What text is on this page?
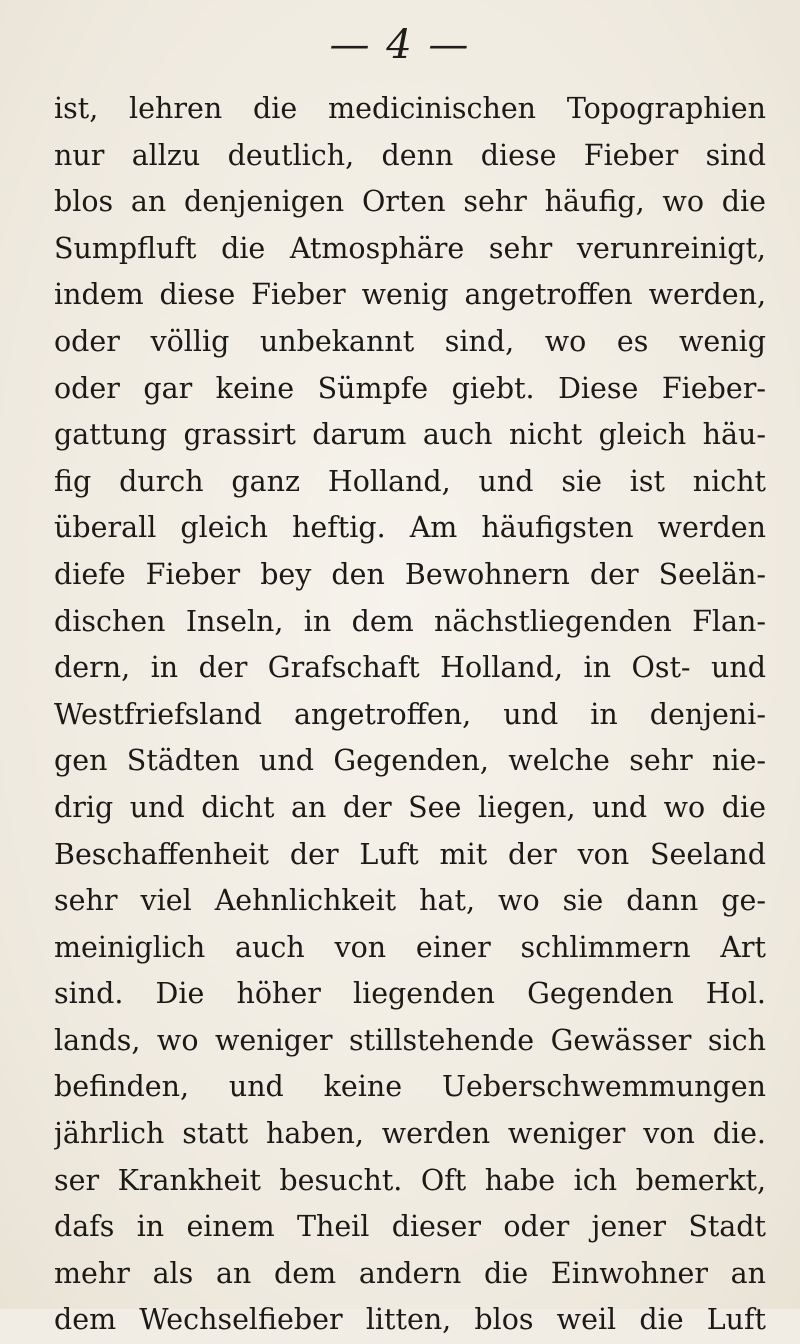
— 4 —
ist, lehren die medicinischen Topographien
nur allzu deutlich, denn diese Fieber sind
blos an denjenigen Orten sehr häufig, wo die
Sumpfluft die Atmosphäre sehr verunreinigt,
indem diese Fieber wenig angetroffen werden,
oder völlig unbekannt sind, wo es wenig
oder gar keine Sümpfe giebt. Diese Fieber-
gattung grassirt darum auch nicht gleich häu-
fig durch ganz Holland, und sie ist nicht
überall gleich heftig. Am häufigsten werden
diefe Fieber bey den Bewohnern der Seelän-
dischen Inseln, in dem nächstliegenden Flan-
dern, in der Grafschaft Holland, in Ost- und
Westfriefsland angetroffen, und in denjeni-
gen Städten und Gegenden, welche sehr nie-
drig und dicht an der See liegen, und wo die
Beschaffenheit der Luft mit der von Seeland
sehr viel Aehnlichkeit hat, wo sie dann ge-
meiniglich auch von einer schlimmern Art
sind. Die höher liegenden Gegenden Hol.
lands, wo weniger stillstehende Gewässer sich
befinden, und keine Ueberschwemmungen
jährlich statt haben, werden weniger von die.
ser Krankheit besucht. Oft habe ich bemerkt,
dafs in einem Theil dieser oder jener Stadt
mehr als an dem andern die Einwohner an
dem Wechselfieber litten, blos weil die Luft
